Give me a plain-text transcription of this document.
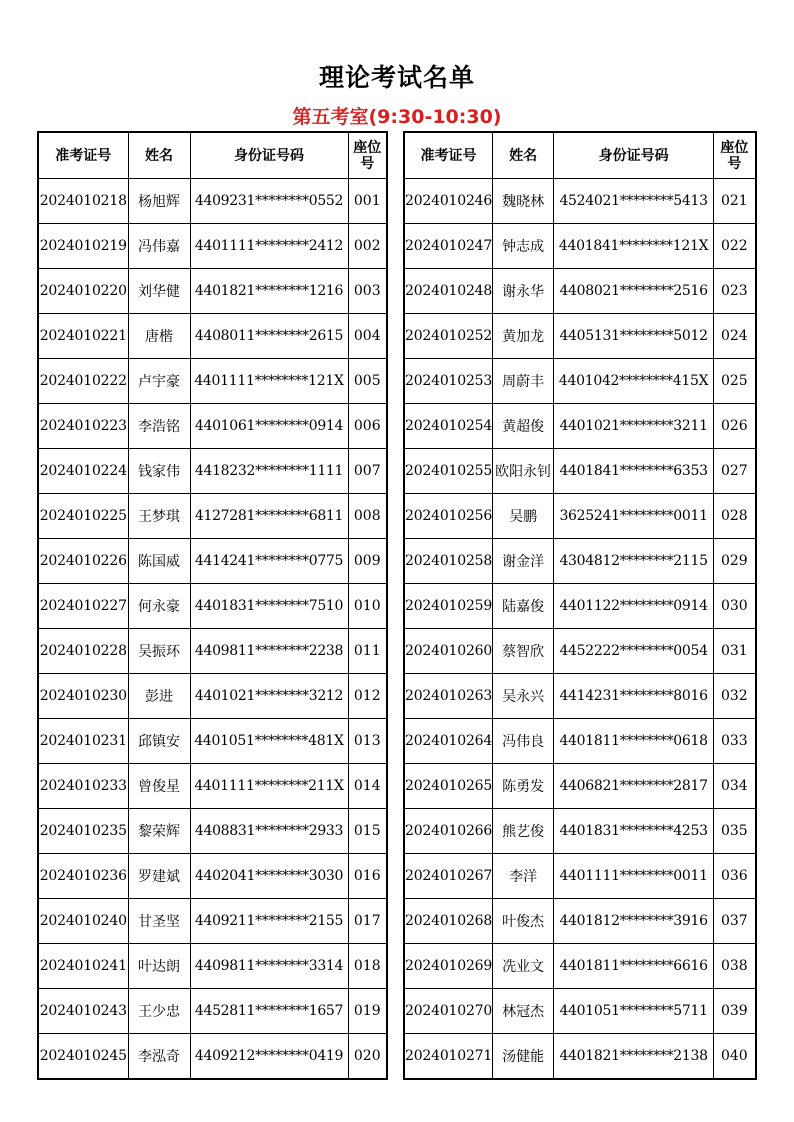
理论考试名单
第五考室(9:30-10:30)
准考证号	姓名	身份证号码	座位
号
2024010218	杨旭辉	4409231********0552	001
2024010219	冯伟嘉	4401111********2412	002
2024010220	刘华健	4401821********1216	003
2024010221	唐楷	4408011********2615	004
2024010222	卢宇豪	4401111********121X	005
2024010223	李浩铭	4401061********0914	006
2024010224	钱家伟	4418232********1111	007
2024010225	王梦琪	4127281********6811	008
2024010226	陈国威	4414241********0775	009
2024010227	何永豪	4401831********7510	010
2024010228	吴振环	4409811********2238	011
2024010230	彭进	4401021********3212	012
2024010231	邱镇安	4401051********481X	013
2024010233	曾俊星	4401111********211X	014
2024010235	黎荣辉	4408831********2933	015
2024010236	罗建斌	4402041********3030	016
2024010240	甘圣坚	4409211********2155	017
2024010241	叶达朗	4409811********3314	018
2024010243	王少忠	4452811********1657	019
2024010245	李泓奇	4409212********0419	020
准考证号	姓名	身份证号码	座位
号
2024010246	魏晓林	4524021********5413	021
2024010247	钟志成	4401841********121X	022
2024010248	谢永华	4408021********2516	023
2024010252	黄加龙	4405131********5012	024
2024010253	周蔚丰	4401042********415X	025
2024010254	黄超俊	4401021********3211	026
2024010255	欧阳永钊	4401841********6353	027
2024010256	吴鹏	3625241********0011	028
2024010258	谢金洋	4304812********2115	029
2024010259	陆嘉俊	4401122********0914	030
2024010260	蔡智欣	4452222********0054	031
2024010263	吴永兴	4414231********8016	032
2024010264	冯伟良	4401811********0618	033
2024010265	陈勇发	4406821********2817	034
2024010266	熊艺俊	4401831********4253	035
2024010267	李洋	4401111********0011	036
2024010268	叶俊杰	4401812********3916	037
2024010269	冼业文	4401811********6616	038
2024010270	林冠杰	4401051********5711	039
2024010271	汤健能	4401821********2138	040
